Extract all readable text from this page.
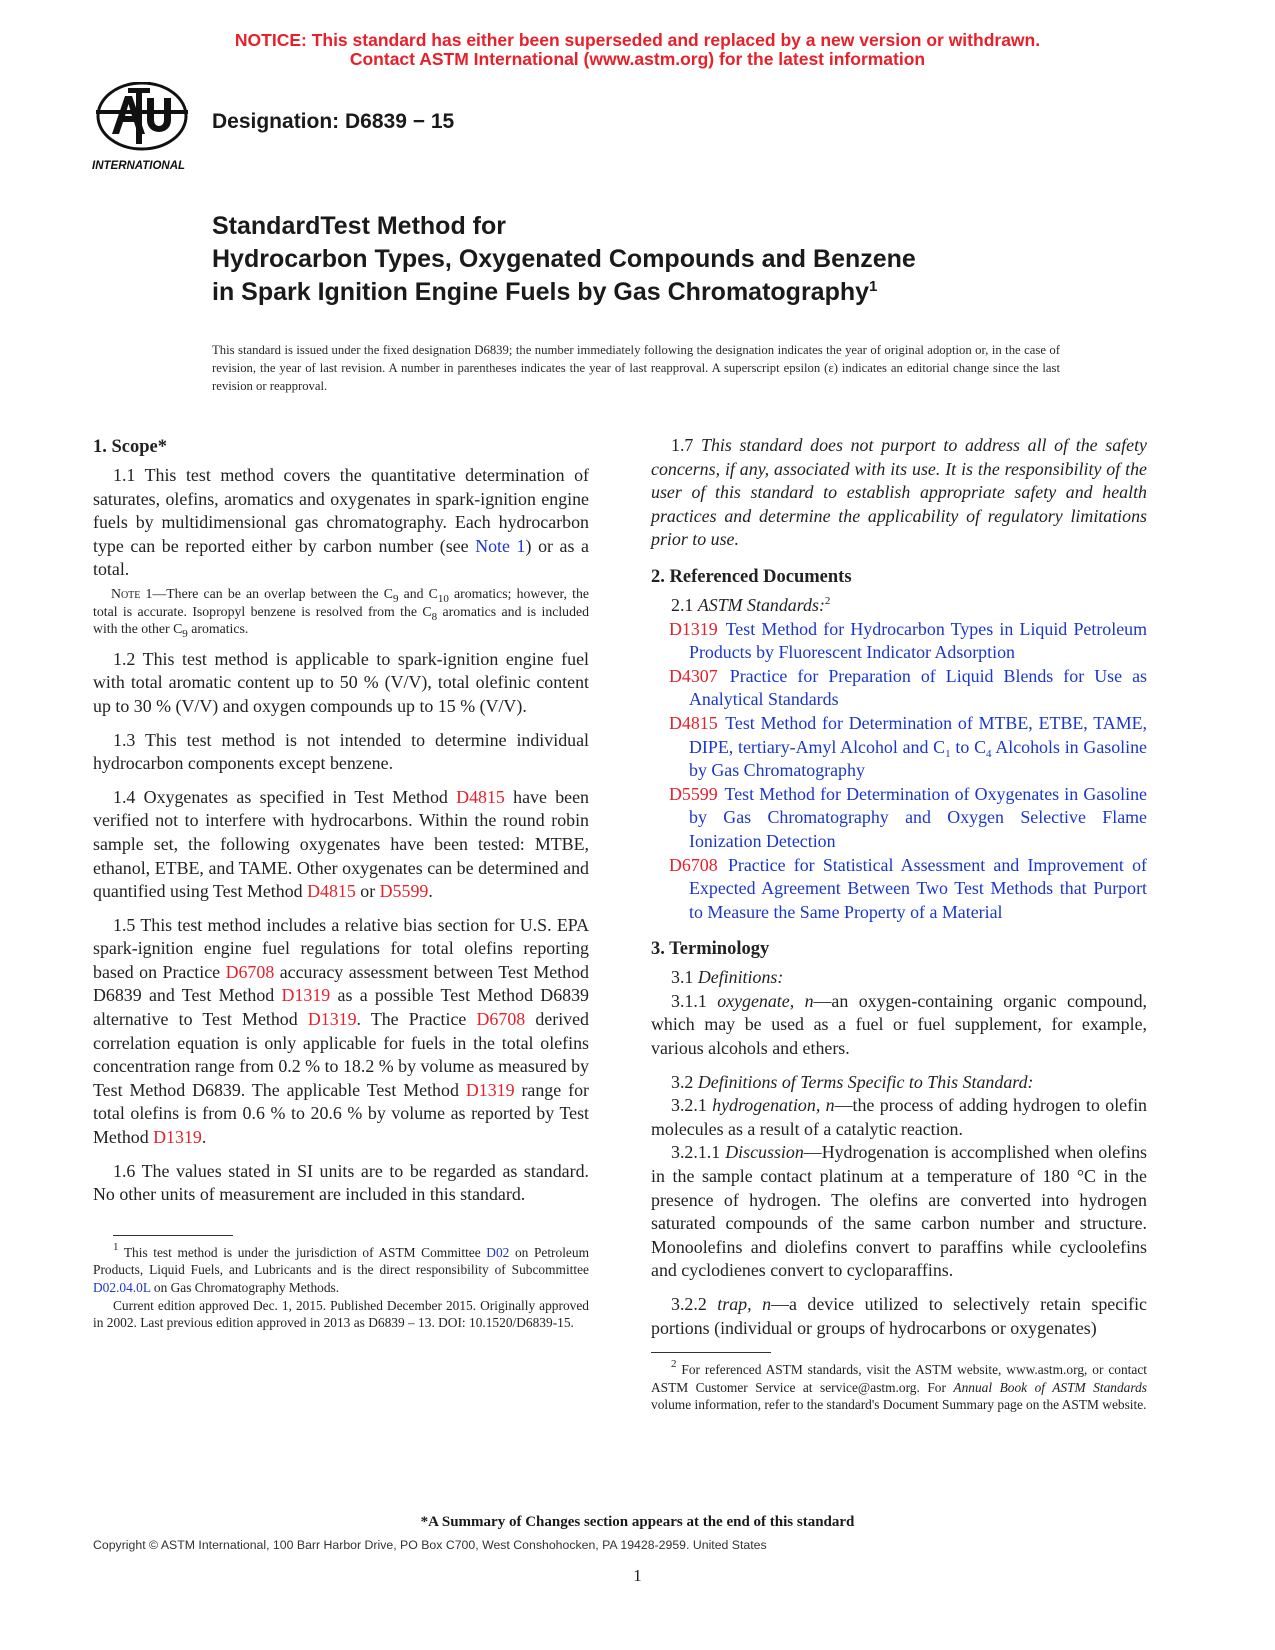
NOTICE: This standard has either been superseded and replaced by a new version or withdrawn.
Contact ASTM International (www.astm.org) for the latest information
INTERNATIONAL
Designation: D6839 − 15
StandardTest Method for
Hydrocarbon Types, Oxygenated Compounds and Benzene
in Spark Ignition Engine Fuels by Gas Chromatography$^1$
This standard is issued under the fixed designation D6839; the number immediately following the designation indicates the year of original adoption or, in the case of revision, the year of last revision. A number in parentheses indicates the year of last reapproval. A superscript epsilon (ε) indicates an editorial change since the last revision or reapproval.
1. Scope*

1.1 This test method covers the quantitative determination of saturates, olefins, aromatics and oxygenates in spark-ignition engine fuels by multidimensional gas chromatography. Each hydrocarbon type can be reported either by carbon number (see Note 1) or as a total.

Note 1—There can be an overlap between the $C_9$ and $C_{10}$ aromatics; however, the total is accurate. Isopropyl benzene is resolved from the $C_8$ aromatics and is included with the other $C_9$ aromatics.

1.2 This test method is applicable to spark-ignition engine fuel with total aromatic content up to 50 % (V/V), total olefinic content up to 30 % (V/V) and oxygen compounds up to 15 % (V/V).

1.3 This test method is not intended to determine individual hydrocarbon components except benzene.

1.4 Oxygenates as specified in Test Method D4815 have been verified not to interfere with hydrocarbons. Within the round robin sample set, the following oxygenates have been tested: MTBE, ethanol, ETBE, and TAME. Other oxygenates can be determined and quantified using Test Method D4815 or D5599.

1.5 This test method includes a relative bias section for U.S. EPA spark-ignition engine fuel regulations for total olefins reporting based on Practice D6708 accuracy assessment between Test Method D6839 and Test Method D1319 as a possible Test Method D6839 alternative to Test Method D1319. The Practice D6708 derived correlation equation is only applicable for fuels in the total olefins concentration range from 0.2 % to 18.2 % by volume as measured by Test Method D6839. The applicable Test Method D1319 range for total olefins is from 0.6 % to 20.6 % by volume as reported by Test Method D1319.

1.6 The values stated in SI units are to be regarded as standard. No other units of measurement are included in this standard.

$^1$ This test method is under the jurisdiction of ASTM Committee D02 on Petroleum Products, Liquid Fuels, and Lubricants and is the direct responsibility of Subcommittee D02.04.0L on Gas Chromatography Methods.

Current edition approved Dec. 1, 2015. Published December 2015. Originally approved in 2002. Last previous edition approved in 2013 as D6839 – 13. DOI: 10.1520/D6839-15.

1.7 This standard does not purport to address all of the safety concerns, if any, associated with its use. It is the responsibility of the user of this standard to establish appropriate safety and health practices and determine the applicability of regulatory limitations prior to use.

2. Referenced Documents

2.1 ASTM Standards:$^2$

D1319 Test Method for Hydrocarbon Types in Liquid Petroleum Products by Fluorescent Indicator Adsorption

D4307 Practice for Preparation of Liquid Blends for Use as Analytical Standards

D4815 Test Method for Determination of MTBE, ETBE, TAME, DIPE, tertiary-Amyl Alcohol and $C_1$ to $C_4$ Alcohols in Gasoline by Gas Chromatography

D5599 Test Method for Determination of Oxygenates in Gasoline by Gas Chromatography and Oxygen Selective Flame Ionization Detection

D6708 Practice for Statistical Assessment and Improvement of Expected Agreement Between Two Test Methods that Purport to Measure the Same Property of a Material

3. Terminology

3.1 Definitions:

3.1.1 oxygenate, n—an oxygen-containing organic compound, which may be used as a fuel or fuel supplement, for example, various alcohols and ethers.

3.2 Definitions of Terms Specific to This Standard:

3.2.1 hydrogenation, n—the process of adding hydrogen to olefin molecules as a result of a catalytic reaction.

3.2.1.1 Discussion—Hydrogenation is accomplished when olefins in the sample contact platinum at a temperature of 180 °C in the presence of hydrogen. The olefins are converted into hydrogen saturated compounds of the same carbon number and structure. Monoolefins and diolefins convert to paraffins while cycloolefins and cyclodienes convert to cycloparaffins.

3.2.2 trap, n—a device utilized to selectively retain specific portions (individual or groups of hydrocarbons or oxygenates)

$^2$ For referenced ASTM standards, visit the ASTM website, www.astm.org, or contact ASTM Customer Service at service@astm.org. For Annual Book of ASTM Standards volume information, refer to the standard's Document Summary page on the ASTM website.

*A Summary of Changes section appears at the end of this standard
Copyright © ASTM International, 100 Barr Harbor Drive, PO Box C700, West Conshohocken, PA 19428-2959. United States
1
